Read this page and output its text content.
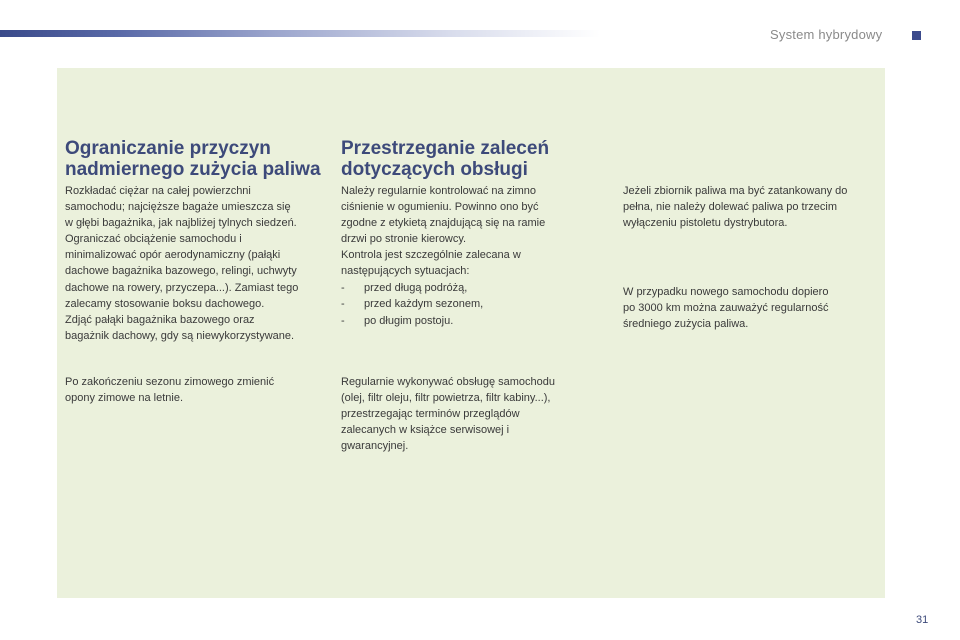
System hybrydowy
Ograniczanie przyczyn
nadmiernego zużycia paliwa

Rozkładać ciężar na całej powierzchni
samochodu; najcięższe bagaże umieszcza się
w głębi bagażnika, jak najbliżej tylnych siedzeń.
Ograniczać obciążenie samochodu i
minimalizować opór aerodynamiczny (pałąki
dachowe bagażnika bazowego, relingi, uchwyty
dachowe na rowery, przyczepa...). Zamiast tego
zalecamy stosowanie boksu dachowego.
Zdjąć pałąki bagażnika bazowego oraz
bagażnik dachowy, gdy są niewykorzystywane.

Po zakończeniu sezonu zimowego zmienić
opony zimowe na letnie.

Przestrzeganie zaleceń
dotyczących obsługi

Należy regularnie kontrolować na zimno
ciśnienie w ogumieniu. Powinno ono być
zgodne z etykietą znajdującą się na ramie
drzwi po stronie kierowcy.
Kontrola jest szczególnie zalecana w
następujących sytuacjach:

- przed długą podróżą,
- przed każdym sezonem,
- po długim postoju.

Regularnie wykonywać obsługę samochodu
(olej, filtr oleju, filtr powietrza, filtr kabiny...),
przestrzegając terminów przeglądów
zalecanych w książce serwisowej i
gwarancyjnej.

Jeżeli zbiornik paliwa ma być zatankowany do
pełna, nie należy dolewać paliwa po trzecim
wyłączeniu pistoletu dystrybutora.

W przypadku nowego samochodu dopiero
po 3000 km można zauważyć regularność
średniego zużycia paliwa.

31
